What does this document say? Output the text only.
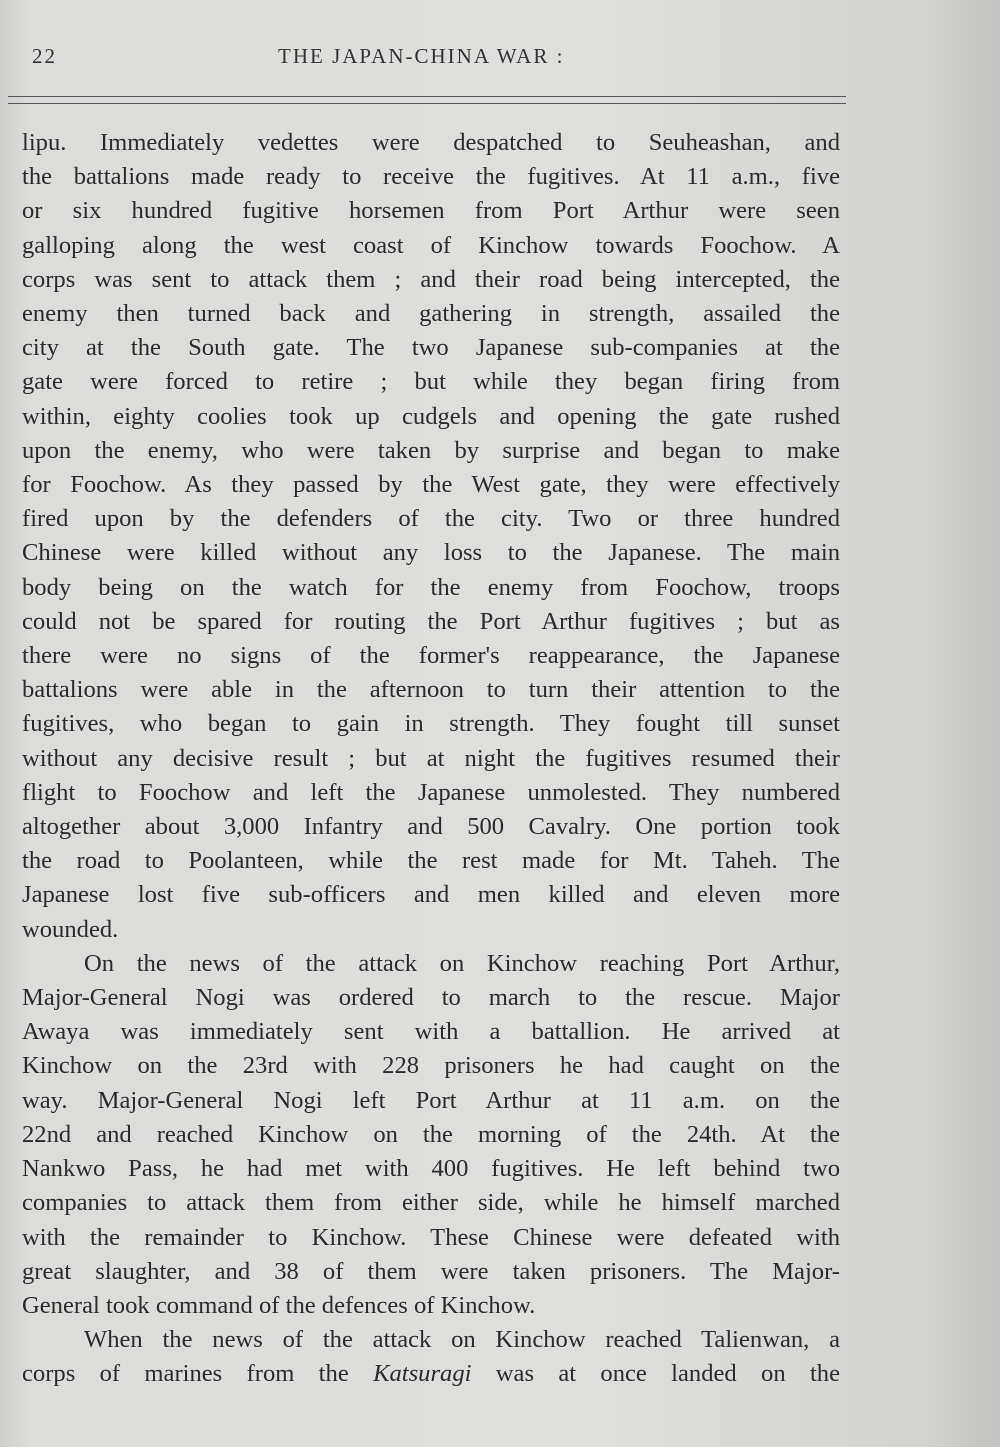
22	THE JAPAN-CHINA WAR :
lipu. Immediately vedettes were despatched to Seuheashan, and
the battalions made ready to receive the fugitives. At 11 a.m., five
or six hundred fugitive horsemen from Port Arthur were seen
galloping along the west coast of Kinchow towards Foochow. A
corps was sent to attack them ; and their road being intercepted, the
enemy then turned back and gathering in strength, assailed the
city at the South gate. The two Japanese sub-companies at the
gate were forced to retire ; but while they began firing from
within, eighty coolies took up cudgels and opening the gate rushed
upon the enemy, who were taken by surprise and began to make
for Foochow. As they passed by the West gate, they were effectively
fired upon by the defenders of the city. Two or three hundred
Chinese were killed without any loss to the Japanese. The main
body being on the watch for the enemy from Foochow, troops
could not be spared for routing the Port Arthur fugitives ; but as
there were no signs of the former's reappearance, the Japanese
battalions were able in the afternoon to turn their attention to the
fugitives, who began to gain in strength. They fought till sunset
without any decisive result ; but at night the fugitives resumed their
flight to Foochow and left the Japanese unmolested. They numbered
altogether about 3,000 Infantry and 500 Cavalry. One portion took
the road to Poolanteen, while the rest made for Mt. Taheh. The
Japanese lost five sub-officers and men killed and eleven more
wounded.
On the news of the attack on Kinchow reaching Port Arthur,
Major-General Nogi was ordered to march to the rescue. Major
Awaya was immediately sent with a battallion. He arrived at
Kinchow on the 23rd with 228 prisoners he had caught on the
way. Major-General Nogi left Port Arthur at 11 a.m. on the
22nd and reached Kinchow on the morning of the 24th. At the
Nankwo Pass, he had met with 400 fugitives. He left behind two
companies to attack them from either side, while he himself marched
with the remainder to Kinchow. These Chinese were defeated with
great slaughter, and 38 of them were taken prisoners. The Major-
General took command of the defences of Kinchow.
When the news of the attack on Kinchow reached Talienwan, a
corps of marines from the Katsuragi was at once landed on the
